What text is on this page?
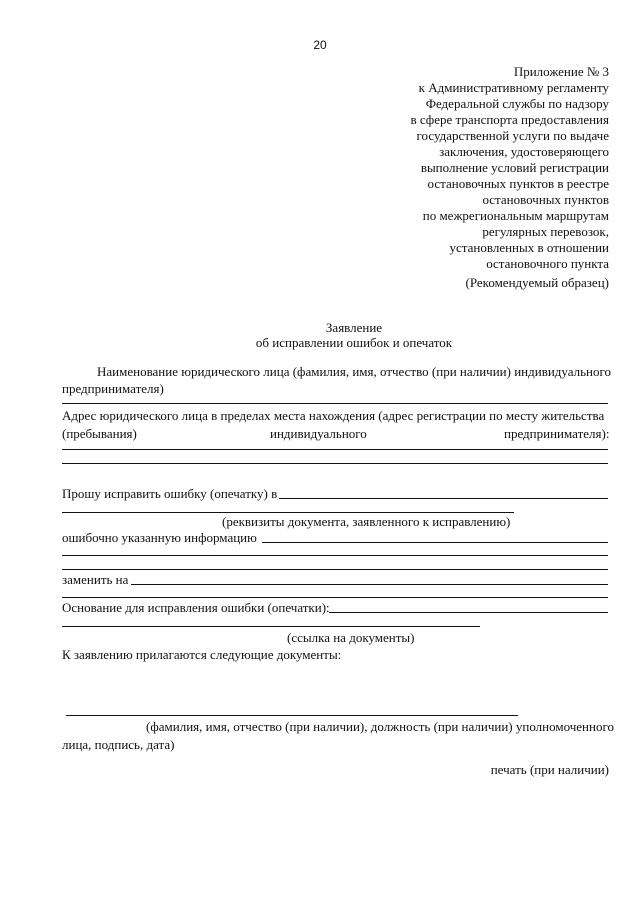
20
Приложение № 3
к Административному регламенту
Федеральной службы по надзору
в сфере транспорта предоставления
государственной услуги по выдаче
заключения, удостоверяющего
выполнение условий регистрации
остановочных пунктов в реестре
остановочных пунктов
по межрегиональным маршрутам
регулярных перевозок,
установленных в отношении
остановочного пункта
(Рекомендуемый образец)
Заявление
об исправлении ошибок и опечаток
Наименование юридического лица (фамилия, имя, отчество (при наличии) индивидуального
предпринимателя)
Адрес юридического лица в пределах места нахождения (адрес регистрации по месту жительства
(пребывания)	индивидуального	предпринимателя):
Прошу исправить ошибку (опечатку) в
(реквизиты документа, заявленного к исправлению)
ошибочно указанную информацию
заменить на
Основание для исправления ошибки (опечатки):
(ссылка на документы)
К заявлению прилагаются следующие документы:
(фамилия, имя, отчество (при наличии), должность (при наличии) уполномоченного
лица, подпись, дата)
печать (при наличии)
